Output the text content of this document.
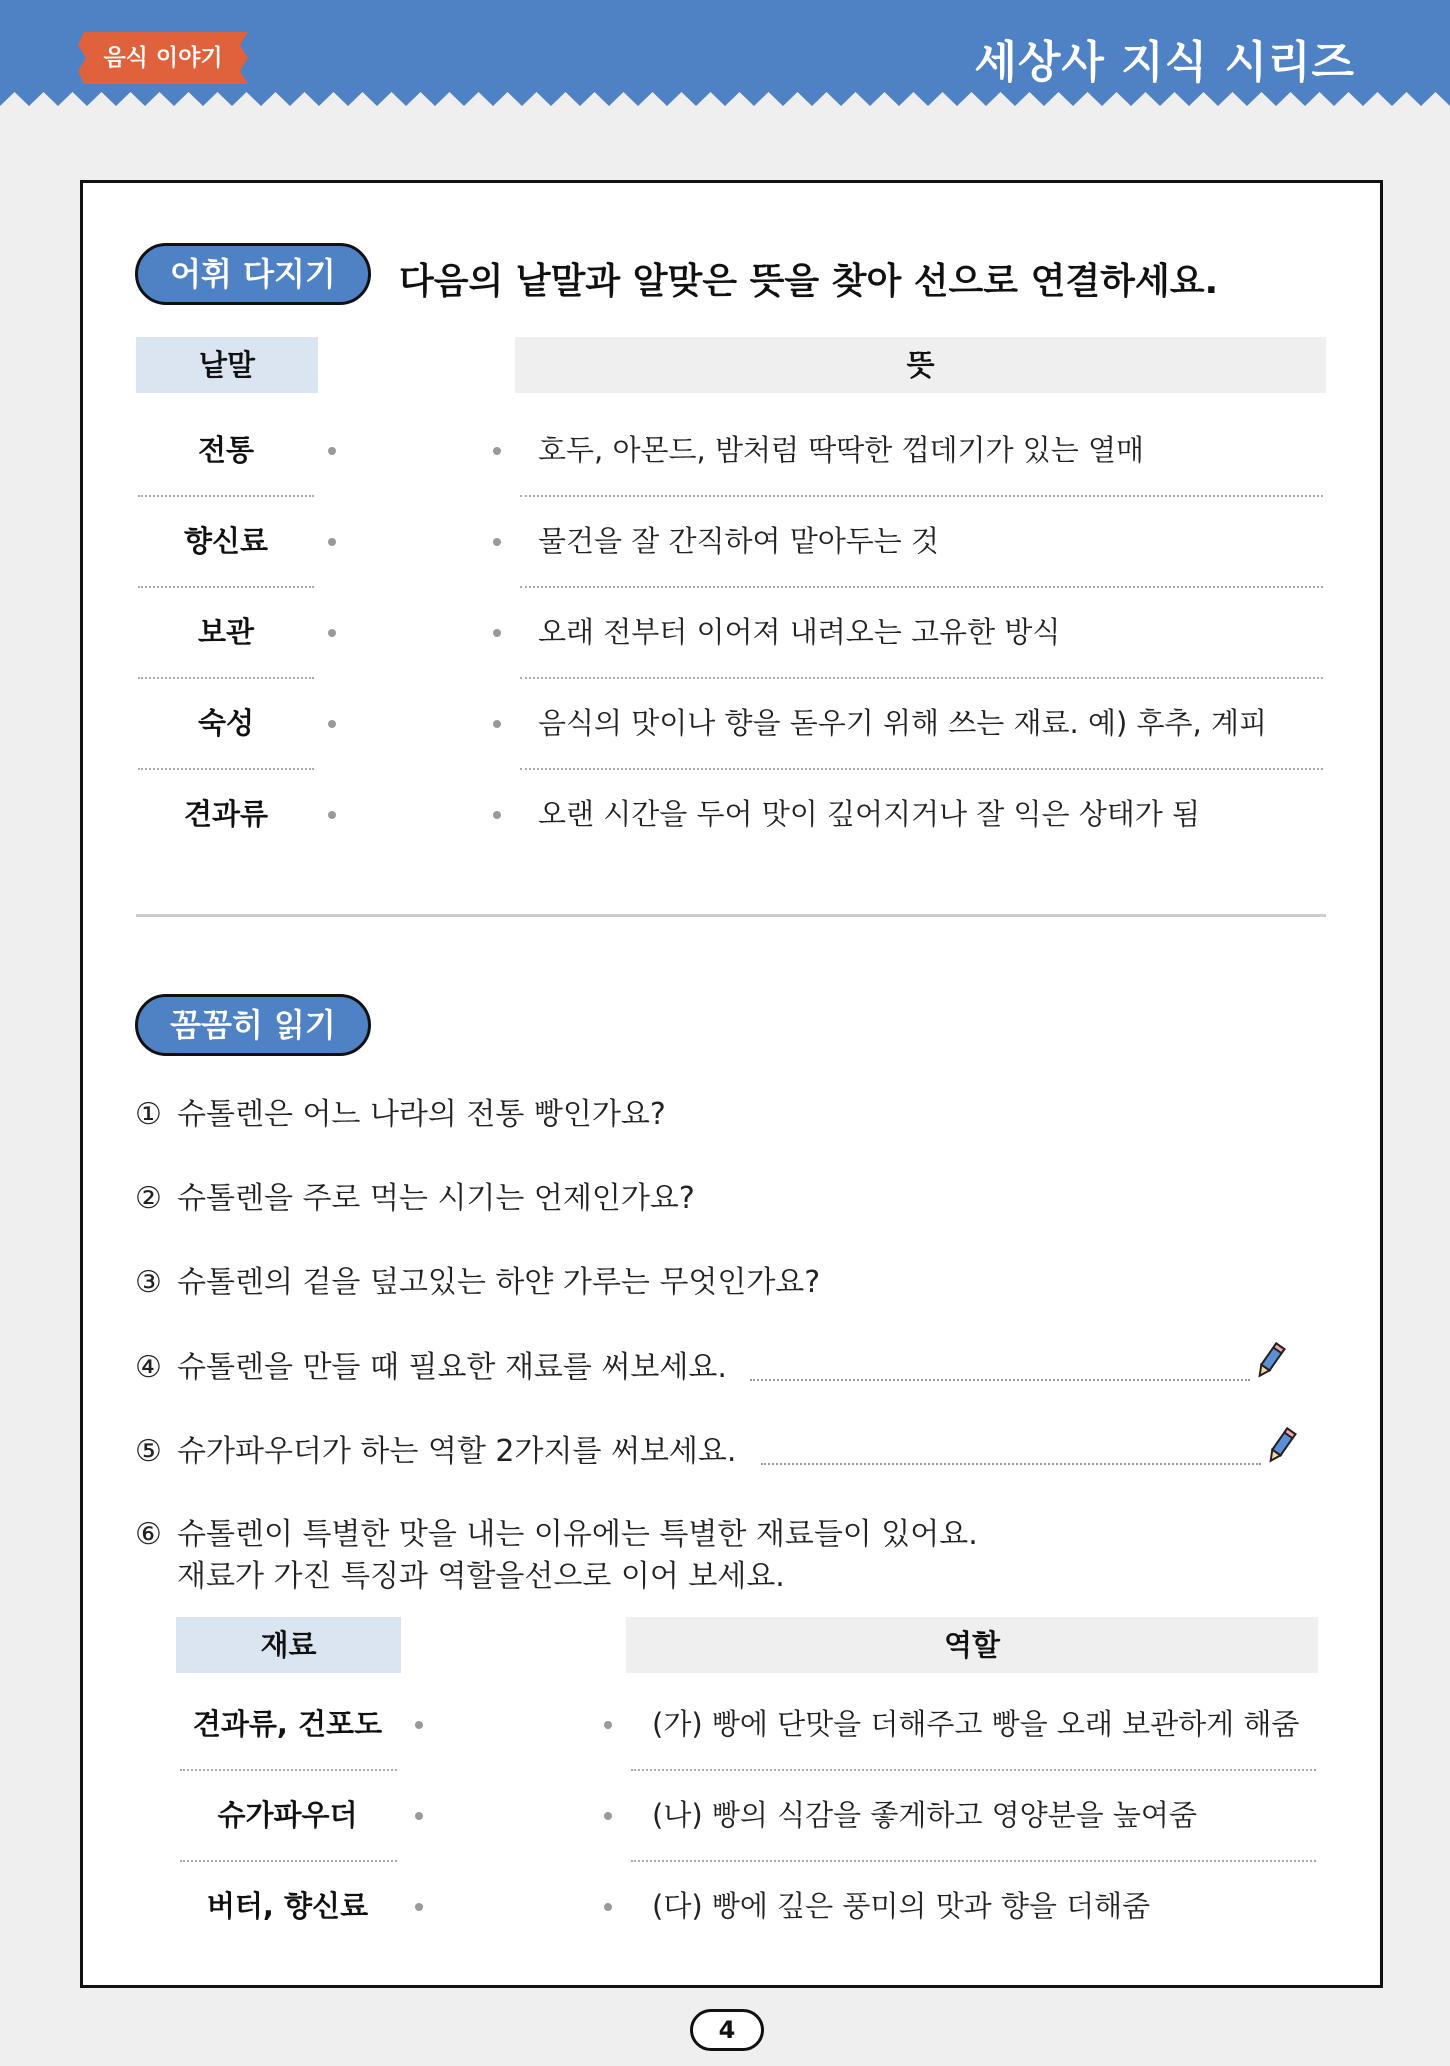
음식 이야기	세상사 지식 시리즈
어휘 다지기	다음의 낱말과 알맞은 뜻을 찾아 선으로 연결하세요.
낱말	뜻
전통	호두, 아몬드, 밤처럼 딱딱한 껍데기가 있는 열매
향신료	물건을 잘 간직하여 맡아두는 것
보관	오래 전부터 이어져 내려오는 고유한 방식
숙성	음식의 맛이나 향을 돋우기 위해 쓰는 재료. 예) 후추, 계피
견과류	오랜 시간을 두어 맛이 깊어지거나 잘 익은 상태가 됨
꼼꼼히 읽기
① 슈톨렌은 어느 나라의 전통 빵인가요?
② 슈톨렌을 주로 먹는 시기는 언제인가요?
③ 슈톨렌의 겉을 덮고있는 하얀 가루는 무엇인가요?
④ 슈톨렌을 만들 때 필요한 재료를 써보세요.
⑤ 슈가파우더가 하는 역할 2가지를 써보세요.
⑥ 슈톨렌이 특별한 맛을 내는 이유에는 특별한 재료들이 있어요.
재료가 가진 특징과 역할을선으로 이어 보세요.
재료	역할
견과류, 건포도	(가) 빵에 단맛을 더해주고 빵을 오래 보관하게 해줌
슈가파우더	(나) 빵의 식감을 좋게하고 영양분을 높여줌
버터, 향신료	(다) 빵에 깊은 풍미의 맛과 향을 더해줌
4
